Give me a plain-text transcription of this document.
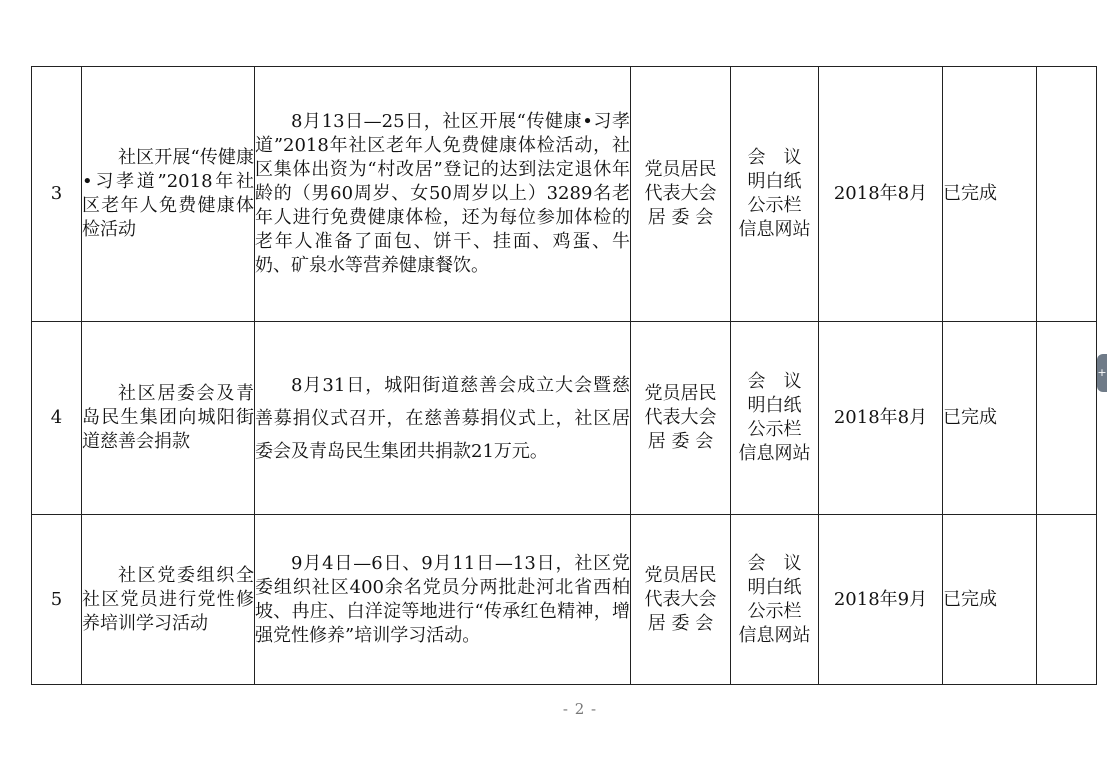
3	社区开展“传健康•习孝道”2018年社区老年人免费健康体检活动	8月13日—25日，社区开展“传健康•习孝道”2018年社区老年人免费健康体检活动，社区集体出资为“村改居”登记的达到法定退休年龄的（男60周岁、女50周岁以上）3289名老年人进行免费健康体检，还为每位参加体检的老年人准备了面包、饼干、挂面、鸡蛋、牛奶、矿泉水等营养健康餐饮。	党员居民
代表大会
居 委 会	会　议
明白纸
公示栏
信息网站	2018年8月	已完成	
4	社区居委会及青岛民生集团向城阳街道慈善会捐款	8月31日，城阳街道慈善会成立大会暨慈善募捐仪式召开，在慈善募捐仪式上，社区居委会及青岛民生集团共捐款21万元。	党员居民
代表大会
居 委 会	会　议
明白纸
公示栏
信息网站	2018年8月	已完成	
5	社区党委组织全社区党员进行党性修养培训学习活动	9月4日—6日、9月11日—13日，社区党委组织社区400余名党员分两批赴河北省西柏坡、冉庄、白洋淀等地进行“传承红色精神，增强党性修养”培训学习活动。	党员居民
代表大会
居 委 会	会　议
明白纸
公示栏
信息网站	2018年9月	已完成	
- 2 -
+
